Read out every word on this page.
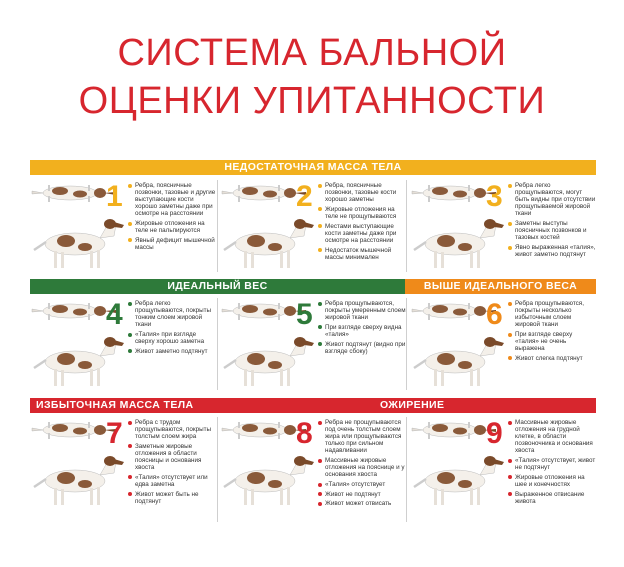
СИСТЕМА БАЛЬНОЙ
ОЦЕНКИ УПИТАННОСТИ
НЕДОСТАТОЧНАЯ МАССА ТЕЛА
ИДЕАЛЬНЫЙ ВЕС	ВЫШЕ ИДЕАЛЬНОГО ВЕСА
ИЗБЫТОЧНАЯ МАССА ТЕЛА	ОЖИРЕНИЕ
1	Ребра, поясничные позвонки, тазовые и другие выступающие кости хорошо заметны даже при осмотре на расстоянии
Жировые отложения на теле не пальпируются
Явный дефицит мышечной массы
2	Ребра, поясничные позвонки, тазовые кости хорошо заметны
Жировые отложения на теле не прощупываются
Местами выступающие кости заметны даже при осмотре на расстоянии
Недостаток мышечной массы минимален
3	Ребра легко прощупываются, могут быть видны при отсутствии прощупываемой жировой ткани
Заметны выступы поясничных позвонков и тазовых костей
Явно выраженная «талия», живот заметно подтянут
4	Ребра легко прощупываются, покрыты тонким слоем жировой ткани
«Талия» при взгляде сверху хорошо заметна
Живот заметно подтянут
5	Ребра прощупываются, покрыты умеренным слоем жировой ткани
При взгляде сверху видна «талия»
Живот подтянут (видно при взгляде сбоку)
6	Ребра прощупываются, покрыты несколько избыточным слоем жировой ткани
При взгляде сверху «талия» не очень выражена
Живот слегка подтянут
7	Ребра с трудом прощупываются, покрыты толстым слоем жира
Заметные жировые отложения в области поясницы и основания хвоста
«Талия» отсутствует или едва заметна
Живот может быть не подтянут
8	Ребра не прощупываются под очень толстым слоем жира или прощупываются только при сильном надавливании
Массивные жировые отложения на пояснице и у основания хвоста
«Талия» отсутствует
Живот не подтянут
Живот может отвисать
9	Массивные жировые отложения на грудной клетке, в области позвоночника и основания хвоста
«Талия» отсутствует, живот не подтянут
Жировые отложения на шее и конечностях
Выраженное отвисание живота
